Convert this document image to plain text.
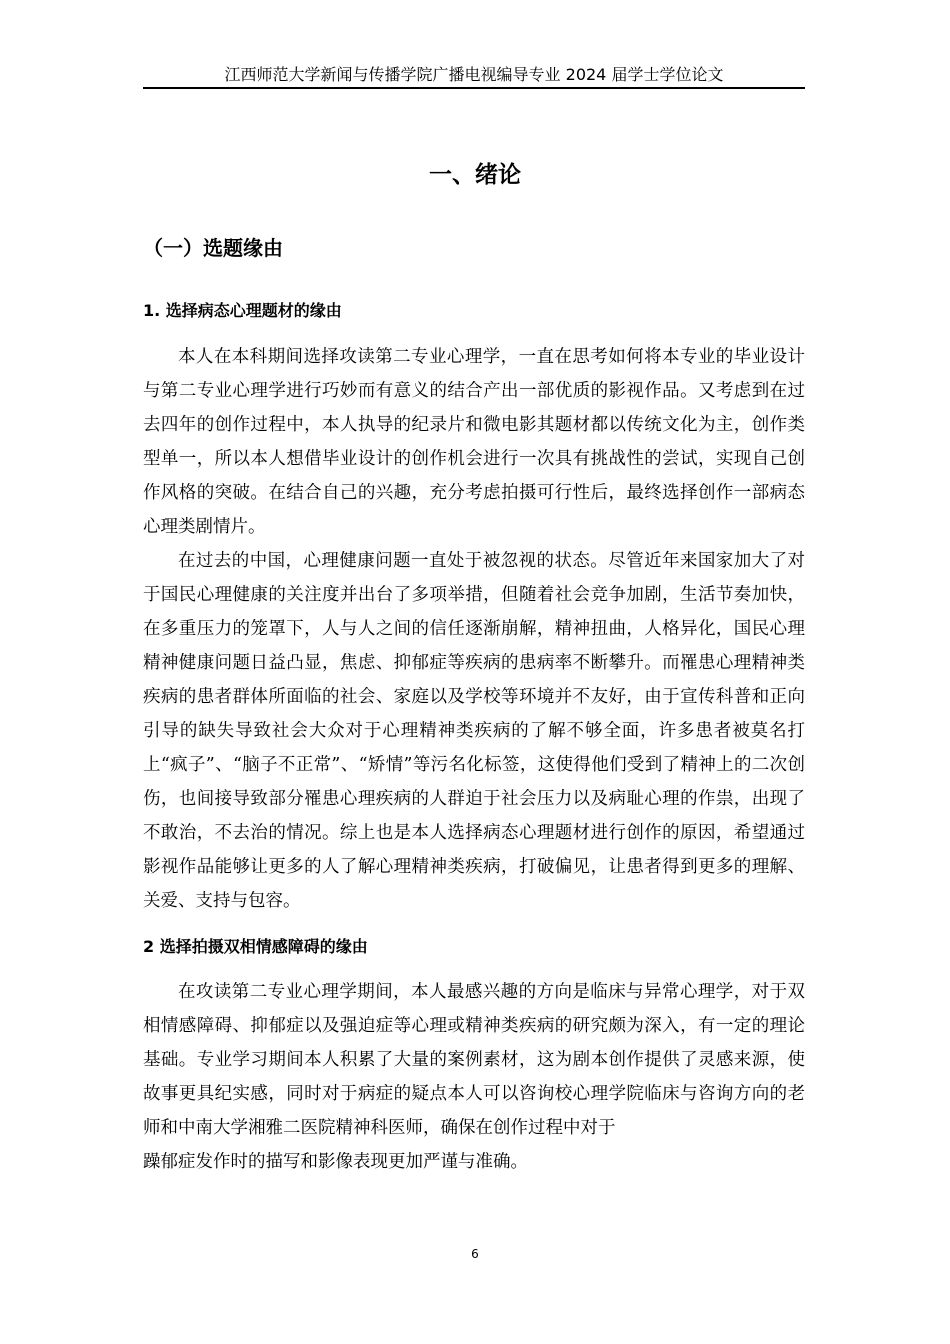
江西师范大学新闻与传播学院广播电视编导专业 2024 届学士学位论文
一、绪论
（一）选题缘由
1. 选择病态心理题材的缘由

本人在本科期间选择攻读第二专业心理学，一直在思考如何将本专业的毕业设计与第二专业心理学进行巧妙而有意义的结合产出一部优质的影视作品。又考虑到在过去四年的创作过程中，本人执导的纪录片和微电影其题材都以传统文化为主，创作类型单一，所以本人想借毕业设计的创作机会进行一次具有挑战性的尝试，实现自己创作风格的突破。在结合自己的兴趣，充分考虑拍摄可行性后，最终选择创作一部病态心理类剧情片。

在过去的中国，心理健康问题一直处于被忽视的状态。尽管近年来国家加大了对于国民心理健康的关注度并出台了多项举措，但随着社会竞争加剧，生活节奏加快，在多重压力的笼罩下，人与人之间的信任逐渐崩解，精神扭曲，人格异化，国民心理精神健康问题日益凸显，焦虑、抑郁症等疾病的患病率不断攀升。而罹患心理精神类疾病的患者群体所面临的社会、家庭以及学校等环境并不友好，由于宣传科普和正向引导的缺失导致社会大众对于心理精神类疾病的了解不够全面，许多患者被莫名打上“疯子”、“脑子不正常”、“矫情”等污名化标签，这使得他们受到了精神上的二次创伤，也间接导致部分罹患心理疾病的人群迫于社会压力以及病耻心理的作祟，出现了不敢治，不去治的情况。综上也是本人选择病态心理题材进行创作的原因，希望通过影视作品能够让更多的人了解心理精神类疾病，打破偏见，让患者得到更多的理解、关爱、支持与包容。

2 选择拍摄双相情感障碍的缘由

在攻读第二专业心理学期间，本人最感兴趣的方向是临床与异常心理学，对于双相情感障碍、抑郁症以及强迫症等心理或精神类疾病的研究颇为深入，有一定的理论基础。专业学习期间本人积累了大量的案例素材，这为剧本创作提供了灵感来源，使故事更具纪实感，同时对于病症的疑点本人可以咨询校心理学院临床与咨询方向的老师和中南大学湘雅二医院精神科医师，确保在创作过程中对于

躁郁症发作时的描写和影像表现更加严谨与准确。

6
